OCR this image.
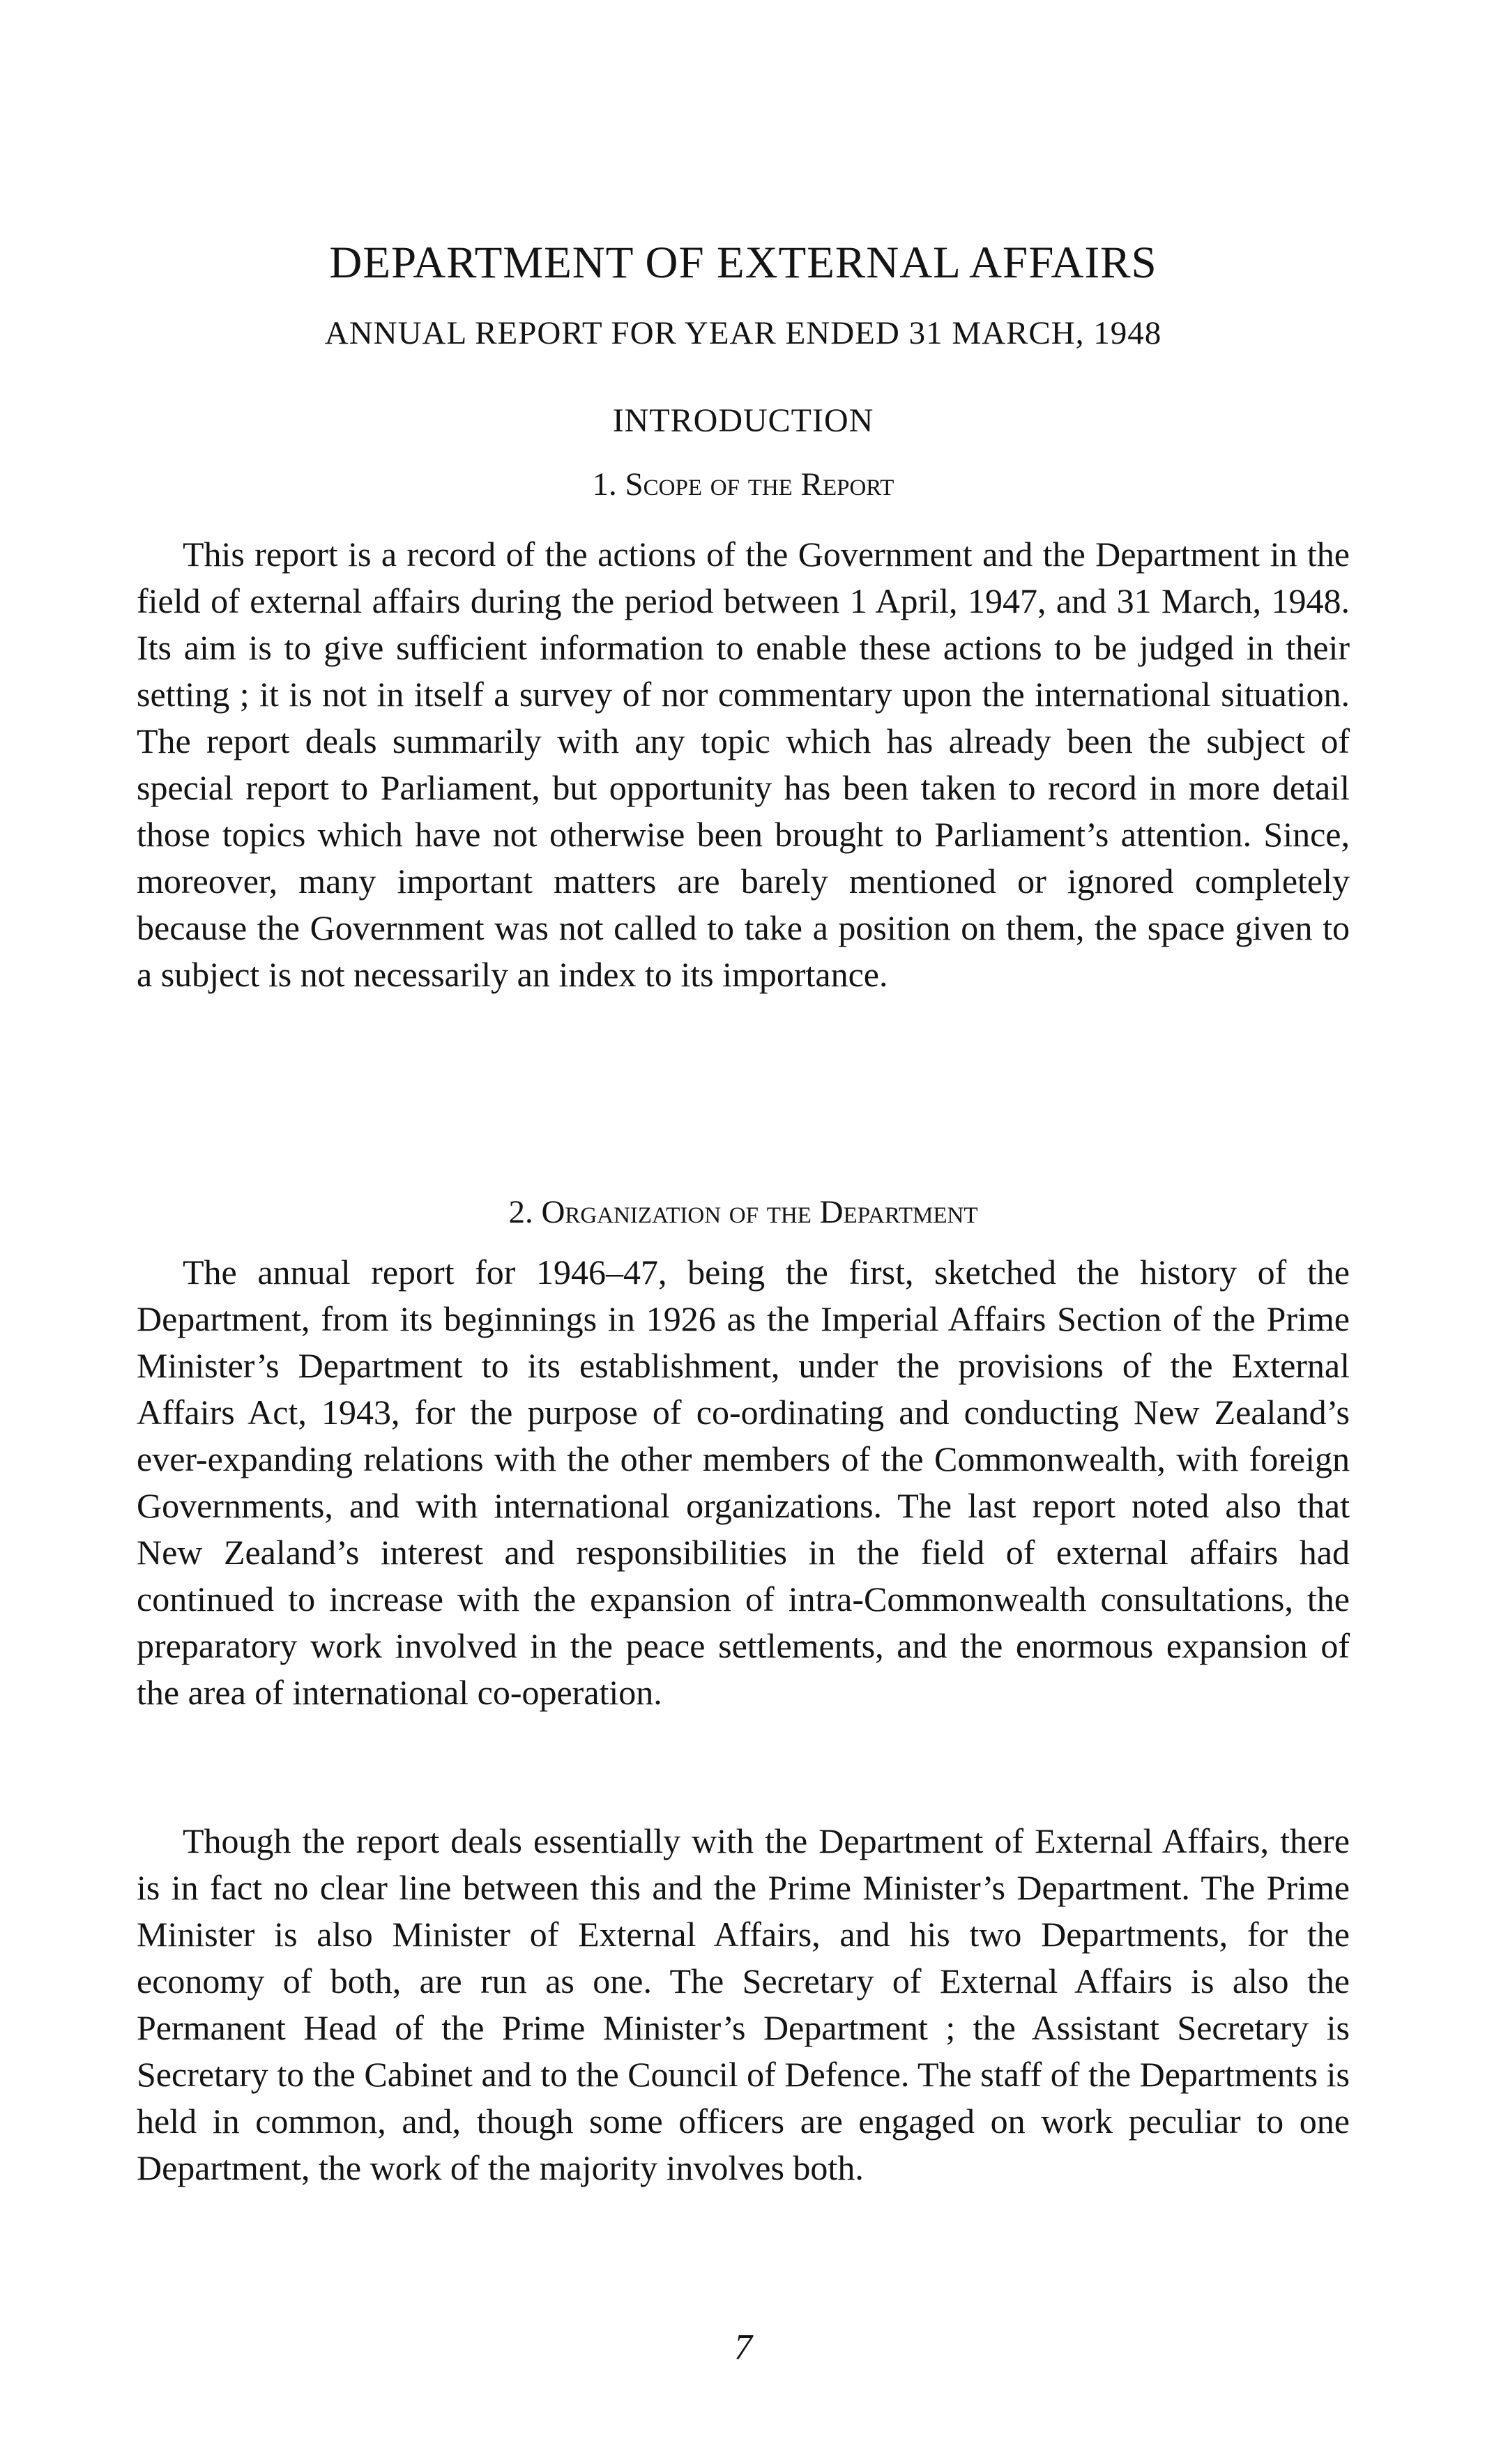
DEPARTMENT OF EXTERNAL AFFAIRS
ANNUAL REPORT FOR YEAR ENDED 31 MARCH, 1948
INTRODUCTION
1. Scope of the Report

This report is a record of the actions of the Government and the Department in the field of external affairs during the period between 1 April, 1947, and 31 March, 1948. Its aim is to give sufficient information to enable these actions to be judged in their setting ; it is not in itself a survey of nor commentary upon the international situation. The report deals summarily with any topic which has already been the subject of special report to Parliament, but opportunity has been taken to record in more detail those topics which have not otherwise been brought to Parliament’s attention. Since, moreover, many important matters are barely mentioned or ignored completely because the Government was not called to take a position on them, the space given to a subject is not necessarily an index to its importance.

2. Organization of the Department

The annual report for 1946–47, being the first, sketched the history of the Department, from its beginnings in 1926 as the Imperial Affairs Section of the Prime Minister’s Department to its establishment, under the provisions of the External Affairs Act, 1943, for the purpose of co-ordinating and conducting New Zealand’s ever-expanding relations with the other members of the Commonwealth, with foreign Governments, and with international organizations. The last report noted also that New Zealand’s interest and responsibilities in the field of external affairs had continued to increase with the expansion of intra-Commonwealth consultations, the preparatory work involved in the peace settlements, and the enormous expansion of the area of international co-operation.

Though the report deals essentially with the Department of External Affairs, there is in fact no clear line between this and the Prime Minister’s Department. The Prime Minister is also Minister of External Affairs, and his two Departments, for the economy of both, are run as one. The Secretary of External Affairs is also the Permanent Head of the Prime Minister’s Department ; the Assistant Secretary is Secretary to the Cabinet and to the Council of Defence. The staff of the Departments is held in common, and, though some officers are engaged on work peculiar to one Department, the work of the majority involves both.

7
